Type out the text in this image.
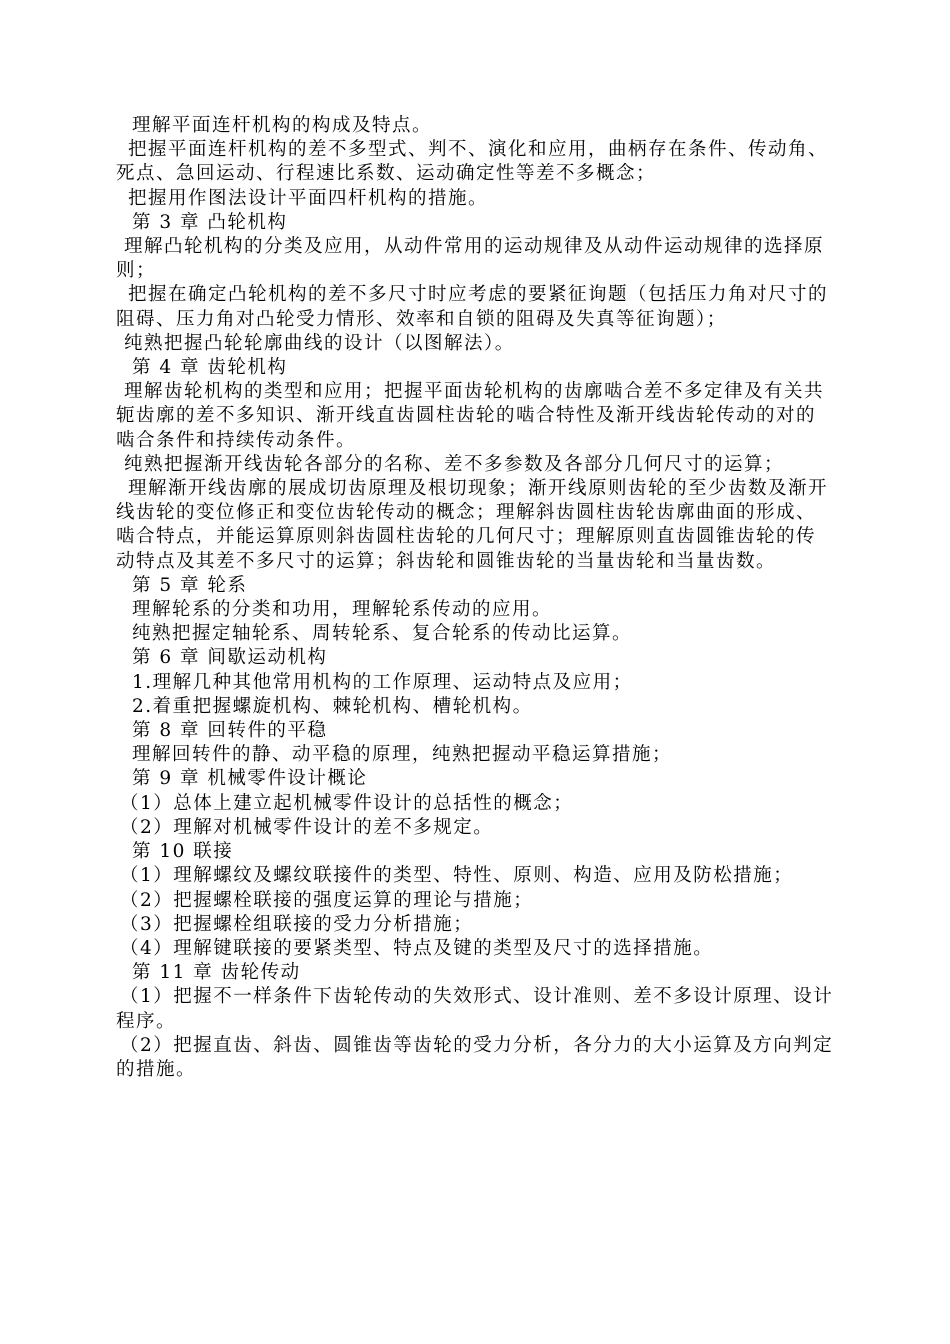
理解平面连杆机构的构成及特点。

把握平面连杆机构的差不多型式、判不、演化和应用，曲柄存在条件、传动角、死点、急回运动、行程速比系数、运动确定性等差不多概念；

把握用作图法设计平面四杆机构的措施。

第 3 章 凸轮机构

理解凸轮机构的分类及应用，从动件常用的运动规律及从动件运动规律的选择原则；

把握在确定凸轮机构的差不多尺寸时应考虑的要紧征询题（包括压力角对尺寸的阻碍、压力角对凸轮受力情形、效率和自锁的阻碍及失真等征询题）；

纯熟把握凸轮轮廓曲线的设计（以图解法）。

第 4 章 齿轮机构

理解齿轮机构的类型和应用；把握平面齿轮机构的齿廓啮合差不多定律及有关共轭齿廓的差不多知识、渐开线直齿圆柱齿轮的啮合特性及渐开线齿轮传动的对的啮合条件和持续传动条件。

纯熟把握渐开线齿轮各部分的名称、差不多参数及各部分几何尺寸的运算；

理解渐开线齿廓的展成切齿原理及根切现象；渐开线原则齿轮的至少齿数及渐开线齿轮的变位修正和变位齿轮传动的概念；理解斜齿圆柱齿轮齿廓曲面的形成、啮合特点，并能运算原则斜齿圆柱齿轮的几何尺寸；理解原则直齿圆锥齿轮的传动特点及其差不多尺寸的运算；斜齿轮和圆锥齿轮的当量齿轮和当量齿数。

第 5 章 轮系

理解轮系的分类和功用，理解轮系传动的应用。

纯熟把握定轴轮系、周转轮系、复合轮系的传动比运算。

第 6 章 间歇运动机构

1.理解几种其他常用机构的工作原理、运动特点及应用；

2.着重把握螺旋机构、棘轮机构、槽轮机构。

第 8 章 回转件的平稳

理解回转件的静、动平稳的原理，纯熟把握动平稳运算措施；

第 9 章 机械零件设计概论

（1）总体上建立起机械零件设计的总括性的概念；

（2）理解对机械零件设计的差不多规定。

第 10 联接

（1）理解螺纹及螺纹联接件的类型、特性、原则、构造、应用及防松措施；

（2）把握螺栓联接的强度运算的理论与措施；

（3）把握螺栓组联接的受力分析措施；

（4）理解键联接的要紧类型、特点及键的类型及尺寸的选择措施。

第 11 章 齿轮传动

（1）把握不一样条件下齿轮传动的失效形式、设计准则、差不多设计原理、设计程序。

（2）把握直齿、斜齿、圆锥齿等齿轮的受力分析，各分力的大小运算及方向判定的措施。
